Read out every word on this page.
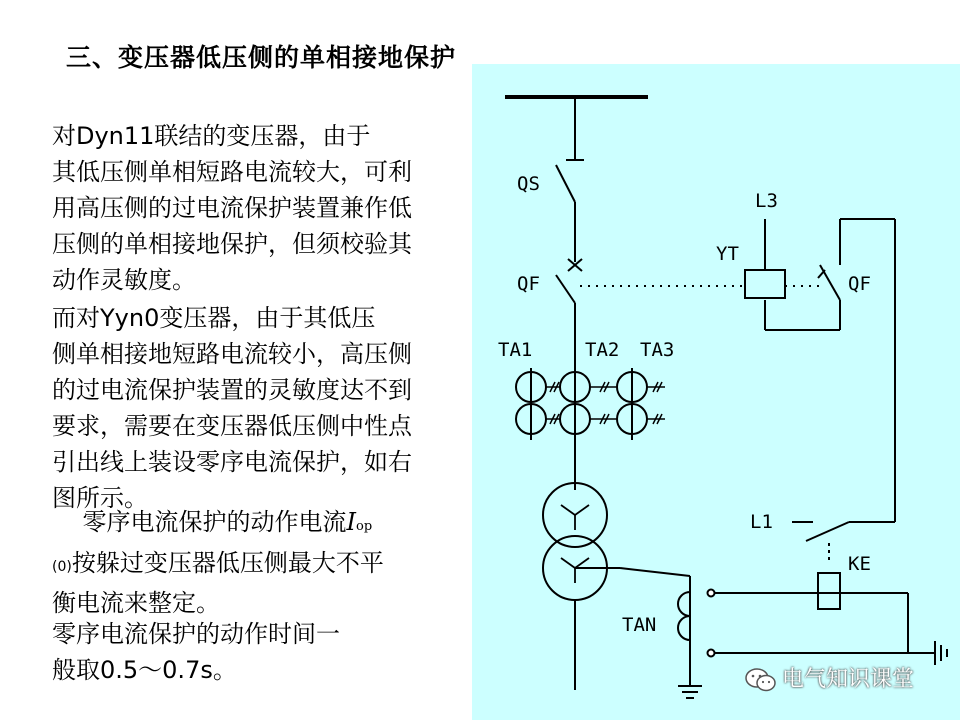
三、变压器低压侧的单相接地保护
对Dyn11联结的变压器，由于
其低压侧单相短路电流较大，可利
用高压侧的过电流保护装置兼作低
压侧的单相接地保护，但须校验其
动作灵敏度。
而对Yyn0变压器，由于其低压
侧单相接地短路电流较小，高压侧
的过电流保护装置的灵敏度达不到
要求，需要在变压器低压侧中性点
引出线上装设零序电流保护，如右
图所示。
零序电流保护的动作电流Iop
(0)按躲过变压器低压侧最大不平
衡电流来整定。
零序电流保护的动作时间一
般取0.5～0.7s。
QS
QF	QF
L3
YT
TA1	TA2 TA3
L1
KE
TAN
电气知识课堂
